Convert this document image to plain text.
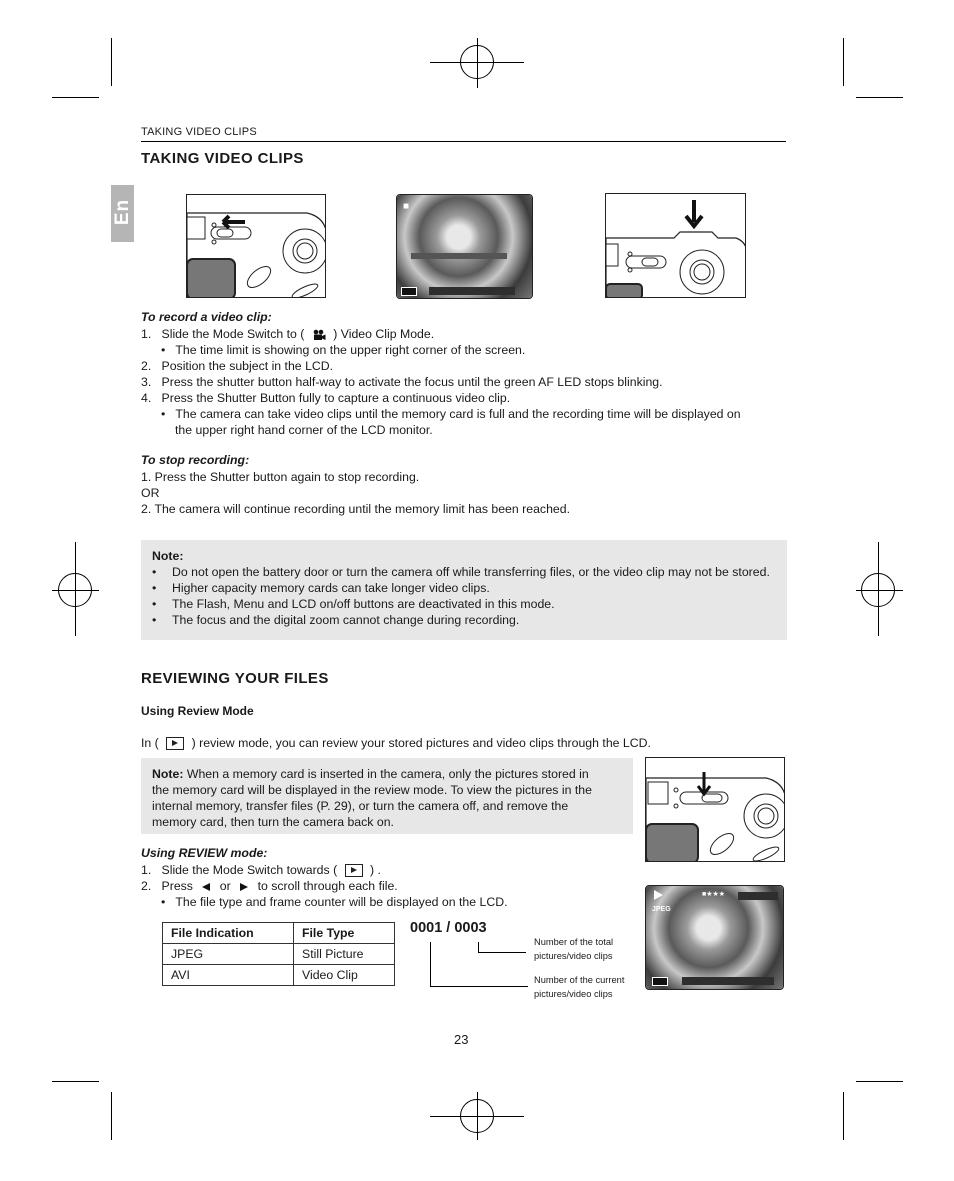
TAKING VIDEO CLIPS
En
TAKING VIDEO CLIPS
■
To record a video clip:
1. Slide the Mode Switch to ( ) Video Clip Mode.
• The time limit is showing on the upper right corner of the screen.
2. Position the subject in the LCD.
3. Press the shutter button half-way to activate the focus until the green AF LED stops blinking.
4. Press the Shutter Button fully to capture a continuous video clip.
• The camera can take video clips until the memory card is full and the recording time will be displayed on
the upper right hand corner of the LCD monitor.
To stop recording:
1. Press the Shutter button again to stop recording.
OR
2. The camera will continue recording until the memory limit has been reached.
Note:
• Do not open the battery door or turn the camera off while transferring files, or the video clip may not be stored.
• Higher capacity memory cards can take longer video clips.
• The Flash, Menu and LCD on/off buttons are deactivated in this mode.
• The focus and the digital zoom cannot change during recording.
REVIEWING YOUR FILES
Using Review Mode
In (	) review mode, you can review your stored pictures and video clips through the LCD.
Note: When a memory card is inserted in the camera, only the pictures stored in
the memory card will be displayed in the review mode. To view the pictures in the
internal memory, transfer files (P. 29), or turn the camera off, and remove the
memory card, then turn the camera back on.
Using REVIEW mode:
1. Slide the Mode Switch towards (	) .
2. Press or to scroll through each file.
• The file type and frame counter will be displayed on the LCD.
File Indication	File Type
JPEG	Still Picture
AVI	Video Clip
0001 / 0003
Number of the total
pictures/video clips
Number of the current
pictures/video clips
JPEG
■★★★
23
